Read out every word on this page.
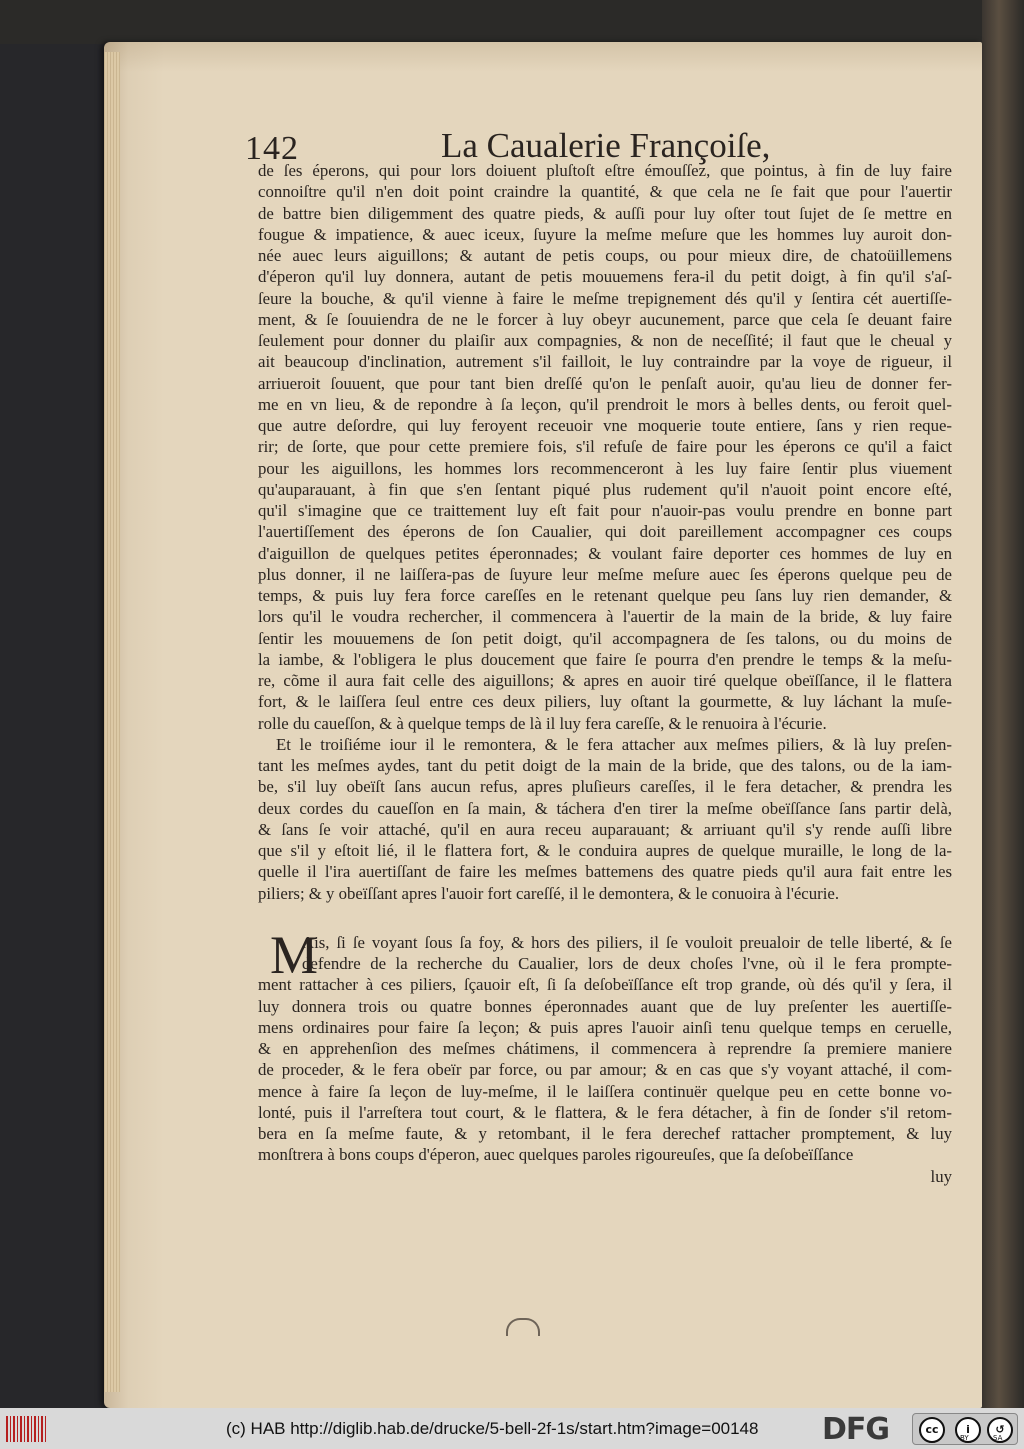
142	La Caualerie Françoiſe,
de ſes éperons, qui pour lors doiuent pluſtoſt eſtre émouſſez, que pointus, à fin de luy faire
connoiſtre qu'il n'en doit point craindre la quantité, & que cela ne ſe fait que pour l'auertir
de battre bien diligemment des quatre pieds, & auſſi pour luy oſter tout ſujet de ſe mettre en
fougue & impatience, & auec iceux, ſuyure la meſme meſure que les hommes luy auroit don-
née auec leurs aiguillons; & autant de petis coups, ou pour mieux dire, de chatoüillemens
d'éperon qu'il luy donnera, autant de petis mouuemens fera-il du petit doigt, à fin qu'il s'aſ-
ſeure la bouche, & qu'il vienne à faire le meſme trepignement dés qu'il y ſentira cét auertiſſe-
ment, & ſe ſouuiendra de ne le forcer à luy obeyr aucunement, parce que cela ſe deuant faire
ſeulement pour donner du plaiſir aux compagnies, & non de neceſſité; il faut que le cheual y
ait beaucoup d'inclination, autrement s'il failloit, le luy contraindre par la voye de rigueur, il
arriueroit ſouuent, que pour tant bien dreſſé qu'on le penſaſt auoir, qu'au lieu de donner fer-
me en vn lieu, & de repondre à ſa leçon, qu'il prendroit le mors à belles dents, ou feroit quel-
que autre deſordre, qui luy feroyent receuoir vne moquerie toute entiere, ſans y rien reque-
rir; de ſorte, que pour cette premiere fois, s'il refuſe de faire pour les éperons ce qu'il a faict
pour les aiguillons, les hommes lors recommenceront à les luy faire ſentir plus viuement
qu'auparauant, à fin que s'en ſentant piqué plus rudement qu'il n'auoit point encore eſté,
qu'il s'imagine que ce traittement luy eſt fait pour n'auoir-pas voulu prendre en bonne part
l'auertiſſement des éperons de ſon Caualier, qui doit pareillement accompagner ces coups
d'aiguillon de quelques petites éperonnades; & voulant faire deporter ces hommes de luy en
plus donner, il ne laiſſera-pas de ſuyure leur meſme meſure auec ſes éperons quelque peu de
temps, & puis luy fera force careſſes en le retenant quelque peu ſans luy rien demander, &
lors qu'il le voudra rechercher, il commencera à l'auertir de la main de la bride, & luy faire
ſentir les mouuemens de ſon petit doigt, qu'il accompagnera de ſes talons, ou du moins de
la iambe, & l'obligera le plus doucement que faire ſe pourra d'en prendre le temps & la meſu-
re, cõme il aura fait celle des aiguillons; & apres en auoir tiré quelque obeïſſance, il le flattera
fort, & le laiſſera ſeul entre ces deux piliers, luy oſtant la gourmette, & luy láchant la muſe-
rolle du caueſſon, & à quelque temps de là il luy fera careſſe, & le renuoira à l'écurie.
Et le troiſiéme iour il le remontera, & le fera attacher aux meſmes piliers, & là luy preſen-
tant les meſmes aydes, tant du petit doigt de la main de la bride, que des talons, ou de la iam-
be, s'il luy obeïſt ſans aucun refus, apres pluſieurs careſſes, il le fera detacher, & prendra les
deux cordes du caueſſon en ſa main, & táchera d'en tirer la meſme obeïſſance ſans partir delà,
& ſans ſe voir attaché, qu'il en aura receu auparauant; & arriuant qu'il s'y rende auſſi libre
que s'il y eſtoit lié, il le flattera fort, & le conduira aupres de quelque muraille, le long de la-
quelle il l'ira auertiſſant de faire les meſmes battemens des quatre pieds qu'il aura fait entre les
piliers; & y obeïſſant apres l'auoir fort careſſé, il le demontera, & le conuoira à l'écurie.
M
Ais, ſi ſe voyant ſous ſa foy, & hors des piliers, il ſe vouloit preualoir de telle liberté, & ſe
defendre de la recherche du Caualier, lors de deux choſes l'vne, où il le fera prompte-
ment rattacher à ces piliers, ſçauoir eſt, ſi ſa deſobeïſſance eſt trop grande, où dés qu'il y ſera, il
luy donnera trois ou quatre bonnes éperonnades auant que de luy preſenter les auertiſſe-
mens ordinaires pour faire ſa leçon; & puis apres l'auoir ainſi tenu quelque temps en ceruelle,
& en apprehenſion des meſmes chátimens, il commencera à reprendre ſa premiere maniere
de proceder, & le fera obeïr par force, ou par amour; & en cas que s'y voyant attaché, il com-
mence à faire ſa leçon de luy-meſme, il le laiſſera continuër quelque peu en cette bonne vo-
lonté, puis il l'arreſtera tout court, & le flattera, & le fera détacher, à fin de ſonder s'il retom-
bera en ſa meſme faute, & y retombant, il le fera derechef rattacher promptement, & luy
monſtrera à bons coups d'éperon, auec quelques paroles rigoureuſes, que ſa deſobeïſſance
luy
(c) HAB http://diglib.hab.de/drucke/5-bell-2f-1s/start.htm?image=00148 DFG	cc	i
BY
↺
SA
